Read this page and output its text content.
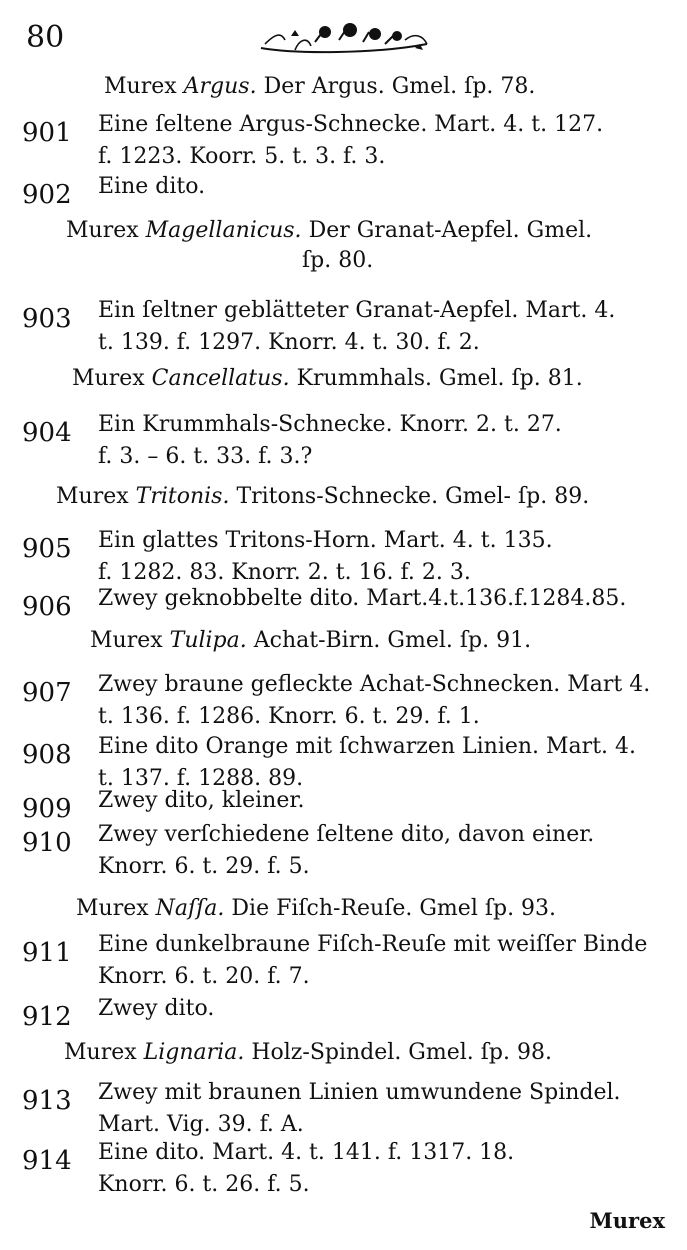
80
Murex Argus. Der Argus. Gmel. ſp. 78.
901 Eine ſeltene Argus-Schnecke. Mart. 4. t. 127.
f. 1223. Koorr. 5. t. 3. f. 3.
902 Eine dito.
Murex Magellanicus. Der Granat-Aepfel. Gmel.
ſp. 80.
903 Ein ſeltner geblätteter Granat-Aepfel. Mart. 4.
t. 139. f. 1297. Knorr. 4. t. 30. f. 2.
Murex Cancellatus. Krummhals. Gmel. ſp. 81.
904 Ein Krummhals-Schnecke. Knorr. 2. t. 27.
f. 3. – 6. t. 33. f. 3.?
Murex Tritonis. Tritons-Schnecke. Gmel- ſp. 89.
905 Ein glattes Tritons-Horn. Mart. 4. t. 135.
f. 1282. 83. Knorr. 2. t. 16. f. 2. 3.
906 Zwey geknobbelte dito. Mart.4.t.136.f.1284.85.
Murex Tulipa. Achat-Birn. Gmel. ſp. 91.
907 Zwey braune gefleckte Achat-Schnecken. Mart 4.
t. 136. f. 1286. Knorr. 6. t. 29. f. 1.
908 Eine dito Orange mit ſchwarzen Linien. Mart. 4.
t. 137. f. 1288. 89.
909 Zwey dito, kleiner.
910 Zwey verſchiedene ſeltene dito, davon einer.
Knorr. 6. t. 29. f. 5.
Murex Naſſa. Die Fiſch-Reuſe. Gmel ſp. 93.
911 Eine dunkelbraune Fiſch-Reuſe mit weiſſer Binde
Knorr. 6. t. 20. f. 7.
912 Zwey dito.
Murex Lignaria. Holz-Spindel. Gmel. ſp. 98.
913 Zwey mit braunen Linien umwundene Spindel.
Mart. Vig. 39. f. A.
914 Eine dito. Mart. 4. t. 141. f. 1317. 18.
Knorr. 6. t. 26. f. 5.
Murex
